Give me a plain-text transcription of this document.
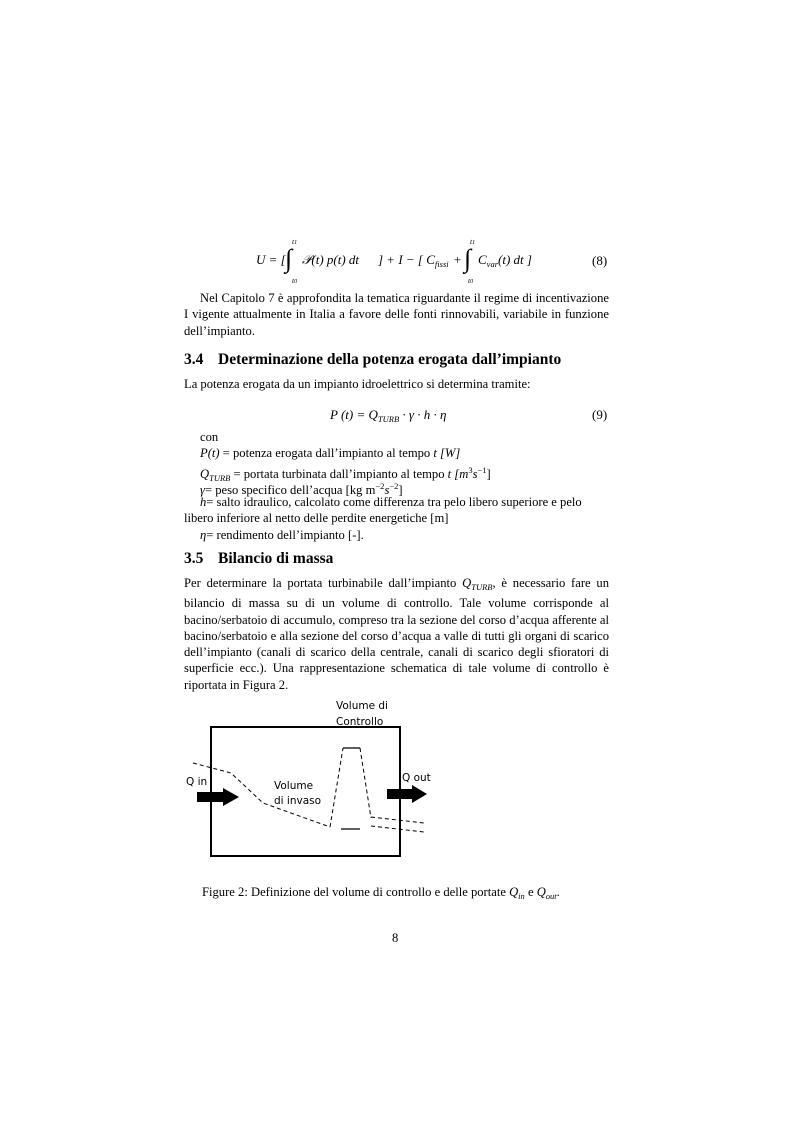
U = [ ∫
t1
t0
𝒫(t) p(t) dt ] + I − [ $C_{fissi}$ + ∫
t1
t0
$C_{var}(t)$ dt ]	(8)
Nel Capitolo 7 è approfondita la tematica riguardante il regime di incentivazione I vigente attualmente in Italia a favore delle fonti rinnovabili, variabile in funzione dell’impianto.
3.4 Determinazione della potenza erogata dall’impianto
La potenza erogata da un impianto idroelettrico si determina tramite:
P $(t) = Q_{TURB} \cdot \gamma \cdot h \cdot \eta$	(9)
con
P(t) = potenza erogata dall’impianto al tempo t [W]
$Q_{TURB}$ = portata turbinata dall’impianto al tempo t $[m^3s^{-1}]$
γ= peso specifico dell’acqua [kg $m^{-2}s^{-2}$]
h= salto idraulico, calcolato come differenza tra pelo libero superiore e pelo
libero inferiore al netto delle perdite energetiche [m]
η= rendimento dell’impianto [-].
3.5 Bilancio di massa
Per determinare la portata turbinabile dall’impianto $Q_{TURB}$, è necessario fare un bilancio di massa su di un volume di controllo. Tale volume corrisponde al bacino/serbatoio di accumulo, compreso tra la sezione del corso d’acqua afferente al bacino/serbatoio e alla sezione del corso d’acqua a valle di tutti gli organi di scarico dell’impianto (canali di scarico della centrale, canali di scarico degli sfioratori di superficie ecc.). Una rappresentazione schematica di tale volume di controllo è riportata in Figura 2.
Volume di
Controllo
Q in	Q out
Volume
di invaso
Figure 2: Definizione del volume di controllo e delle portate $Q_{in}$ e $Q_{out}$.
8
